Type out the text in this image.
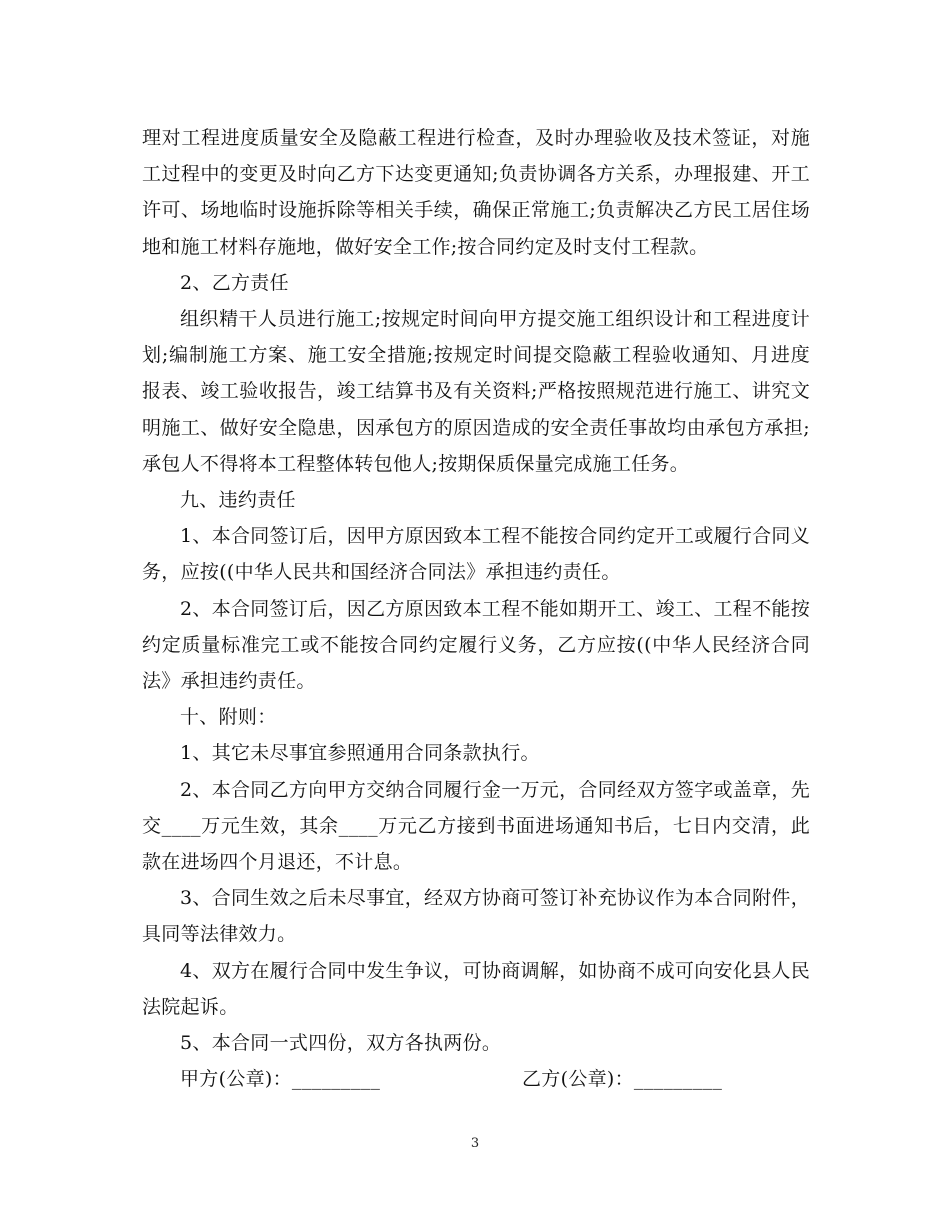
理对工程进度质量安全及隐蔽工程进行检查，及时办理验收及技术签证，对施工过程中的变更及时向乙方下达变更通知;负责协调各方关系，办理报建、开工许可、场地临时设施拆除等相关手续，确保正常施工;负责解决乙方民工居住场地和施工材料存施地，做好安全工作;按合同约定及时支付工程款。

2、乙方责任

组织精干人员进行施工;按规定时间向甲方提交施工组织设计和工程进度计划;编制施工方案、施工安全措施;按规定时间提交隐蔽工程验收通知、月进度报表、竣工验收报告，竣工结算书及有关资料;严格按照规范进行施工、讲究文明施工、做好安全隐患，因承包方的原因造成的安全责任事故均由承包方承担;承包人不得将本工程整体转包他人;按期保质保量完成施工任务。

九、违约责任

1、本合同签订后，因甲方原因致本工程不能按合同约定开工或履行合同义务，应按((中华人民共和国经济合同法》承担违约责任。

2、本合同签订后，因乙方原因致本工程不能如期开工、竣工、工程不能按约定质量标准完工或不能按合同约定履行义务，乙方应按((中华人民经济合同法》承担违约责任。

十、附则：

1、其它未尽事宜参照通用合同条款执行。

2、本合同乙方向甲方交纳合同履行金一万元，合同经双方签字或盖章，先交____万元生效，其余____万元乙方接到书面进场通知书后，七日内交清，此款在进场四个月退还，不计息。

3、合同生效之后未尽事宜，经双方协商可签订补充协议作为本合同附件，具同等法律效力。

4、双方在履行合同中发生争议，可协商调解，如协商不成可向安化县人民法院起诉。

5、本合同一式四份，双方各执两份。

甲方(公章)：_________	乙方(公章)：_________
3
